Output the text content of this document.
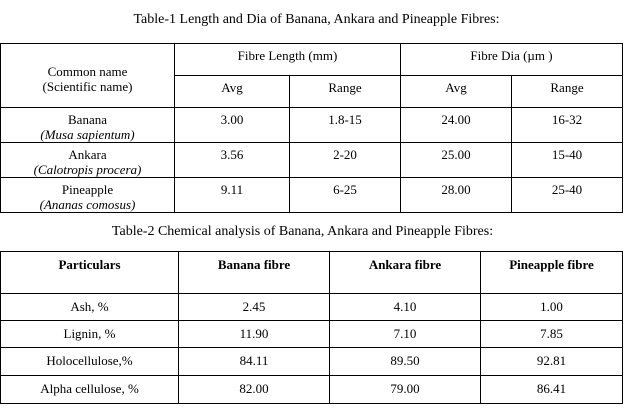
Table-1 Length and Dia of Banana, Ankara and Pineapple Fibres:
Common name
(Scientific name)	Fibre Length (mm)		Fibre Dia (µm )	
	Avg	Range	Avg	Range

Banana
(Musa sapientum)	3.00	1.8-15	24.00	16-32

Ankara
(Calotropis procera)	3.56	2-20	25.00	15-40

Pineapple
(Ananas comosus)	9.11	6-25	28.00	25-40
Table-2 Chemical analysis of Banana, Ankara and Pineapple Fibres:
Particulars	Banana fibre	Ankara fibre	Pineapple fibre
Ash, %	2.45	4.10	1.00
Lignin, %	11.90	7.10	7.85
Holocellulose,%	84.11	89.50	92.81
Alpha cellulose, %	82.00	79.00	86.41
